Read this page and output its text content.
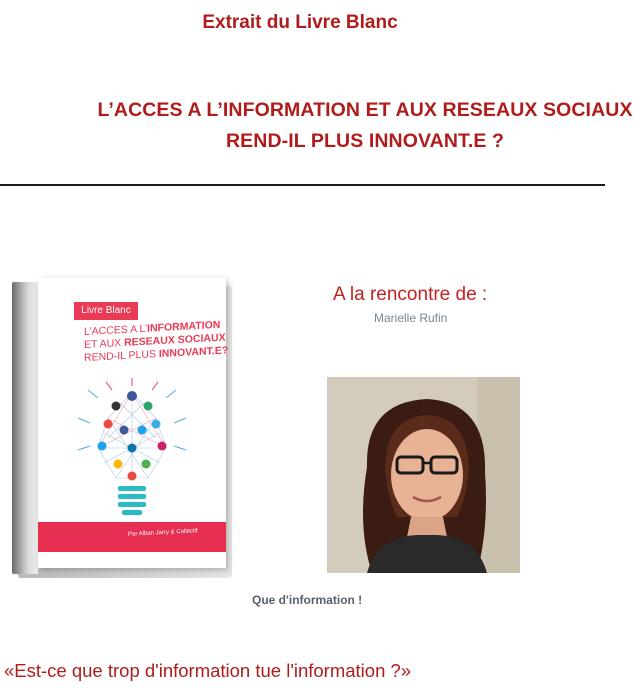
Extrait du Livre Blanc
L’ACCES A L’INFORMATION ET AUX RESEAUX SOCIAUX
REND-IL PLUS INNOVANT.E ?
Livre Blanc
L’ACCES A L’INFORMATION
ET AUX RESEAUX SOCIAUX
REND-IL PLUS INNOVANT.E?
Par Alban Jarry & Collectif
A la rencontre de :
Marielle Rufin
Que d'information !
«Est-ce que trop d'information tue l'information ?»
